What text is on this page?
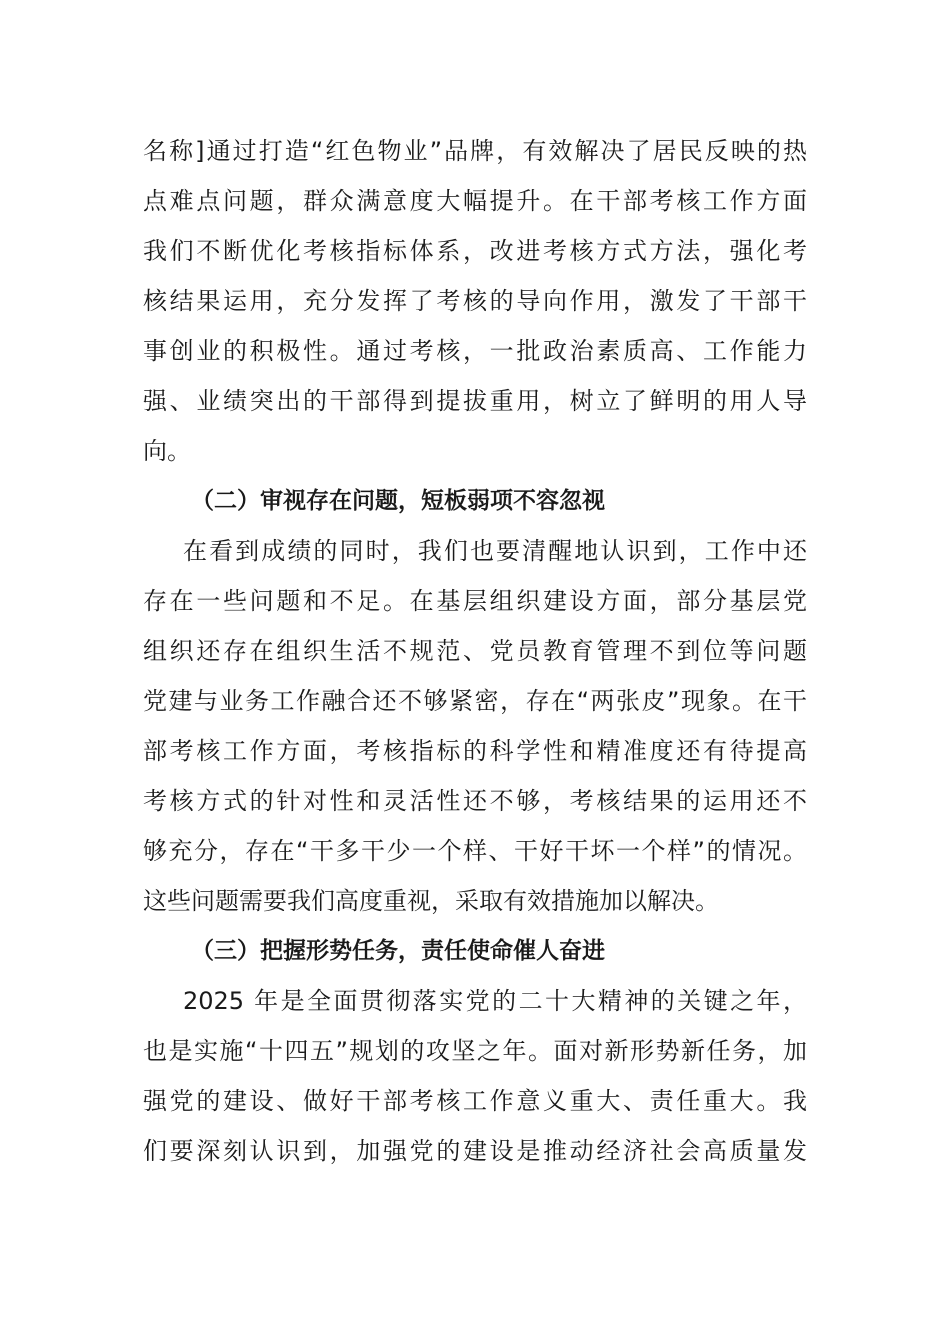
名称]通过打造“红色物业”品牌，有效解决了居民反映的热
点难点问题，群众满意度大幅提升。在干部考核工作方面
我们不断优化考核指标体系，改进考核方式方法，强化考
核结果运用，充分发挥了考核的导向作用，激发了干部干
事创业的积极性。通过考核，一批政治素质高、工作能力
强、业绩突出的干部得到提拔重用，树立了鲜明的用人导
向。
（二）审视存在问题，短板弱项不容忽视
在看到成绩的同时，我们也要清醒地认识到，工作中还
存在一些问题和不足。在基层组织建设方面，部分基层党
组织还存在组织生活不规范、党员教育管理不到位等问题
党建与业务工作融合还不够紧密，存在“两张皮”现象。在干
部考核工作方面，考核指标的科学性和精准度还有待提高
考核方式的针对性和灵活性还不够，考核结果的运用还不
够充分，存在“干多干少一个样、干好干坏一个样”的情况。
这些问题需要我们高度重视，采取有效措施加以解决。
（三）把握形势任务，责任使命催人奋进
2025 年是全面贯彻落实党的二十大精神的关键之年，
也是实施“十四五”规划的攻坚之年。面对新形势新任务，加
强党的建设、做好干部考核工作意义重大、责任重大。我
们要深刻认识到，加强党的建设是推动经济社会高质量发
